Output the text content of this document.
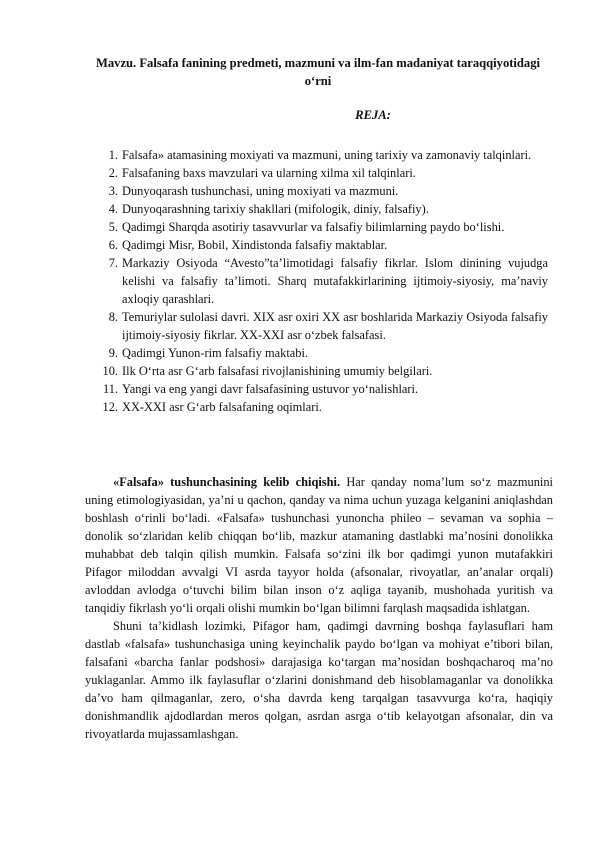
Mavzu. Falsafa fanining predmeti, mazmuni va ilm-fan madaniyat taraqqiyotidagi o‘rni
REJA:
1. Falsafa» atamasining moxiyati va mazmuni, uning tarixiy va zamonaviy talqinlari.
2. Falsafaning baxs mavzulari va ularning xilma xil talqinlari.
3. Dunyoqarash tushunchasi, uning moxiyati va mazmuni.
4. Dunyoqarashning tarixiy shakllari (mifologik, diniy, falsafiy).
5. Qadimgi Sharqda asotiriy tasavvurlar va falsafiy bilimlarning paydo bo‘lishi.
6. Qadimgi Misr, Bobil, Xindistonda falsafiy maktablar.
7. Markaziy Osiyoda “Avesto”ta’limotidagi falsafiy fikrlar. Islom dinining vujudga kelishi va falsafiy ta’limoti. Sharq mutafakkirlarining ijtimoiy-siyosiy, ma’naviy axloqiy qarashlari.
8. Temuriylar sulolasi davri. XIX asr oxiri XX asr boshlarida Markaziy Osiyoda falsafiy ijtimoiy-siyosiy fikrlar. XX-XXI asr o‘zbek falsafasi.
9. Qadimgi Yunon-rim falsafiy maktabi.
10. Ilk O‘rta asr G‘arb falsafasi rivojlanishining umumiy belgilari.
11. Yangi va eng yangi davr falsafasining ustuvor yo‘nalishlari.
12. XX-XXI asr G‘arb falsafaning oqimlari.

«Falsafa» tushunchasining kelib chiqishi. Har qanday noma’lum so‘z mazmunini uning etimologiyasidan, ya’ni u qachon, qanday va nima uchun yuzaga kelganini aniqlashdan boshlash o‘rinli bo‘ladi. «Falsafa» tushunchasi yunoncha phileo – sevaman va sophia – donolik so‘zlaridan kelib chiqqan bo‘lib, mazkur atamaning dastlabki ma’nosini donolikka muhabbat deb talqin qilish mumkin. Falsafa so‘zini ilk bor qadimgi yunon mutafakkiri Pifagor miloddan avvalgi VI asrda tayyor holda (afsonalar, rivoyatlar, an’analar orqali) avloddan avlodga o‘tuvchi bilim bilan inson o‘z aqliga tayanib, mushohada yuritish va tanqidiy fikrlash yo‘li orqali olishi mumkin bo‘lgan bilimni farqlash maqsadida ishlatgan.

Shuni ta’kidlash lozimki, Pifagor ham, qadimgi davrning boshqa faylasuflari ham dastlab «falsafa» tushunchasiga uning keyinchalik paydo bo‘lgan va mohiyat e’tibori bilan, falsafani «barcha fanlar podshosi» darajasiga ko‘targan ma’nosidan boshqacharoq ma’no yuklaganlar. Ammo ilk faylasuflar o‘zlarini donishmand deb hisoblamaganlar va donolikka da’vo ham qilmaganlar, zero, o‘sha davrda keng tarqalgan tasavvurga ko‘ra, haqiqiy donishmandlik ajdodlardan meros qolgan, asrdan asrga o‘tib kelayotgan afsonalar, din va rivoyatlarda mujassamlashgan.
